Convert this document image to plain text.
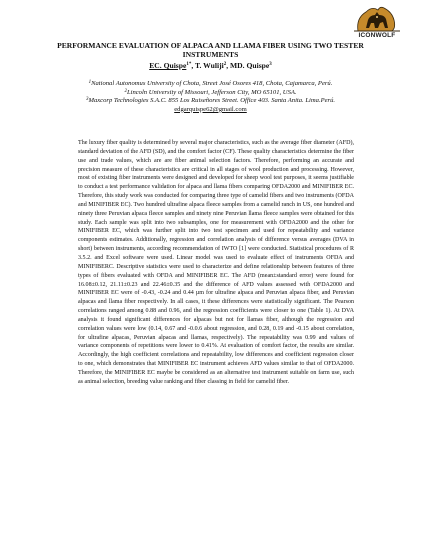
ICONWOLF
PERFORMANCE EVALUATION OF ALPACA AND LLAMA FIBER USING TWO TESTER INSTRUMENTS
EC. Quispe$^{1*}$, T. Wuliji$^2$, MD. Quispe$^3$
$^1$National Autonomus University of Chota, Street José Osores 418, Chota, Cajamarca, Perú.
$^2$Lincoln University of Missouri, Jefferson City, MO 65101, USA.
$^3$Maxcorp Technologies S.A.C. 855 Los Ruiseñores Street. Office 403. Santa Anita. Lima.Perú.
edgarquispe62@gmail.com
The luxury fiber quality is determined by several major characteristics, such as the average fiber diameter (AFD), standard deviation of the AFD (SD), and the comfort factor (CF). These quality characteristics determine the fiber use and trade values, which are are fiber animal selection factors. Therefore, performing an accurate and precision measure of these characteristics are critical in all stages of wool production and processing. However, most of existing fiber instruments were designed and developed for sheep wool test purposes, it seems justifiable to conduct a test performance validation for alpaca and llama fibers comparing OFDA2000 and MINIFIBER EC. Therefore, this study work was conducted for comparing three type of camelid fibers and two instruments (OFDA and MINIFIBER EC). Two hundred ultrafine alpaca fleece samples from a camelid ranch in US, one hundred and ninety three Peruvian alpaca fleece samples and ninety nine Peruvian llama fleece samples were obtained for this study. Each sample was split into two subsamples, one for measurement with OFDA2000 and the other for MINIFIBER EC, which was further split into two test specimen and used for repeatability and variance components estimates. Additionally, regression and correlation analysis of difference versus averages (DVA in short) between instruments, according recommendation of IWTO [1] were conducted. Statistical procedures of R 3.5.2. and Excel software were used. Linear model was used to evaluate effect of instruments OFDA and MINIFIBERC. Descriptive statistics were used to characterize and define relationship between features of three types of fibers evaluated with OFDA and MINIFIBER EC. The AFD (mean±standard error) were found for 16.08±0.12, 21.11±0.23 and 22.46±0.35 and the difference of AFD values assessed with OFDA2000 and MINIFIBER EC were of -0.43, -0.24 and 0.44 µm for ultrafine alpaca and Peruvian alpaca fiber, and Peruvian alpacas and llama fiber respectively. In all cases, it these differences were statistically significant. The Pearson correlations ranged among 0.88 and 0.96, and the regression coefficients were closer to one (Table 1). At DVA analysis it found significant differences for alpacas but not for llamas fiber, although the regression and correlation values were low (0.14, 0.67 and -0.0.6 about regression, and 0.28, 0.19 and -0.15 about correlation, for ultrafine alpacas, Peruvian alpacas and llamas, respectively). The repeatability was 0.99 and values of variance components of repetitions were lower to 0.41%. At evaluation of comfort factor, the results are similar. Accordingly, the high coefficient correlations and repeatability, low differences and coefficient regression closer to one, which demonstrates that MINIFIBER EC instrument achieves AFD values similar to that of OFDA2000. Therefore, the MINIFIBER EC maybe be considered as an alternative test instrument suitable on farm use, such as animal selection, breeding value ranking and fiber classing in field for camelid fiber.
